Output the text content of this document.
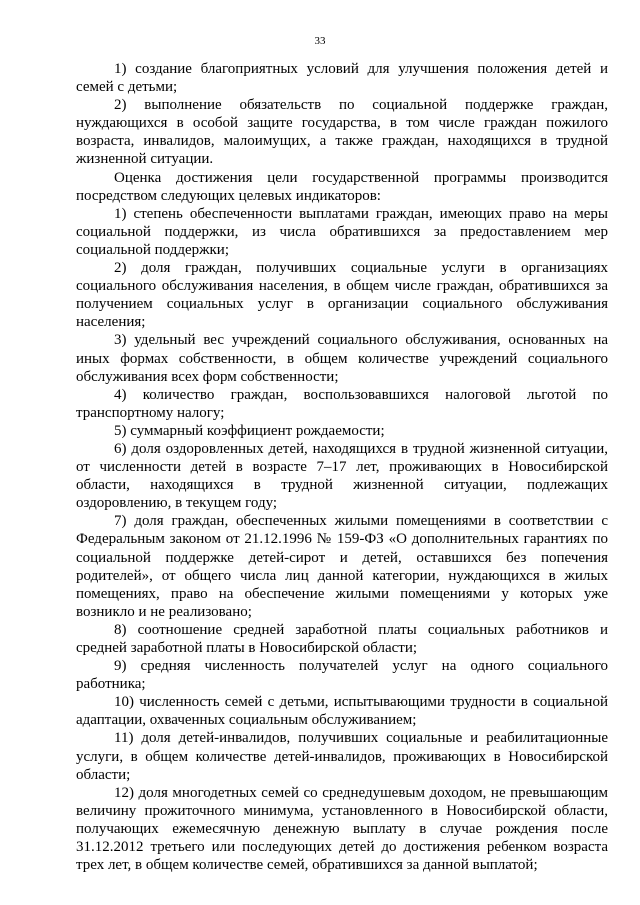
33

1) создание благоприятных условий для улучшения положения детей и семей с детьми;

2) выполнение обязательств по социальной поддержке граждан, нуждающихся в особой защите государства, в том числе граждан пожилого возраста, инвалидов, малоимущих, а также граждан, находящихся в трудной жизненной ситуации.

Оценка достижения цели государственной программы производится посредством следующих целевых индикаторов:

1) степень обеспеченности выплатами граждан, имеющих право на меры социальной поддержки, из числа обратившихся за предоставлением мер социальной поддержки;

2) доля граждан, получивших социальные услуги в организациях социального обслуживания населения, в общем числе граждан, обратившихся за получением социальных услуг в организации социального обслуживания населения;

3) удельный вес учреждений социального обслуживания, основанных на иных формах собственности, в общем количестве учреждений социального обслуживания всех форм собственности;

4) количество граждан, воспользовавшихся налоговой льготой по транспортному налогу;

5) суммарный коэффициент рождаемости;

6) доля оздоровленных детей, находящихся в трудной жизненной ситуации, от численности детей в возрасте 7–17 лет, проживающих в Новосибирской области, находящихся в трудной жизненной ситуации, подлежащих оздоровлению, в текущем году;

7) доля граждан, обеспеченных жилыми помещениями в соответствии с Федеральным законом от 21.12.1996 № 159-ФЗ «О дополнительных гарантиях по социальной поддержке детей-сирот и детей, оставшихся без попечения родителей», от общего числа лиц данной категории, нуждающихся в жилых помещениях, право на обеспечение жилыми помещениями у которых уже возникло и не реализовано;

8) соотношение средней заработной платы социальных работников и средней заработной платы в Новосибирской области;

9) средняя численность получателей услуг на одного социального работника;

10) численность семей с детьми, испытывающими трудности в социальной адаптации, охваченных социальным обслуживанием;

11) доля детей-инвалидов, получивших социальные и реабилитационные услуги, в общем количестве детей-инвалидов, проживающих в Новосибирской области;

12) доля многодетных семей со среднедушевым доходом, не превышающим величину прожиточного минимума, установленного в Новосибирской области, получающих ежемесячную денежную выплату в случае рождения после 31.12.2012 третьего или последующих детей до достижения ребенком возраста трех лет, в общем количестве семей, обратившихся за данной выплатой;
